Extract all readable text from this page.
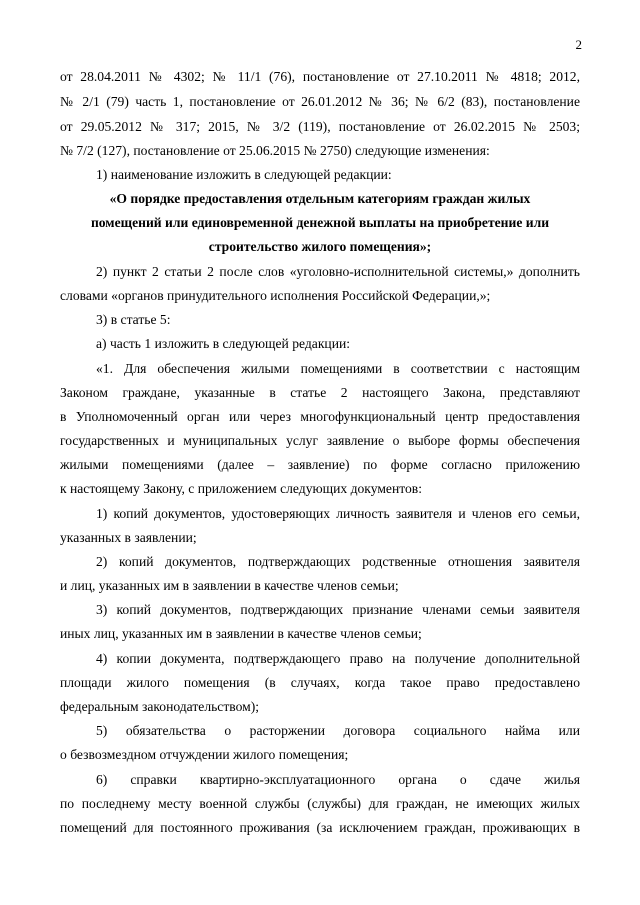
2
от 28.04.2011 № 4302; № 11/1 (76), постановление от 27.10.2011 № 4818; 2012,
№ 2/1 (79) часть 1, постановление от 26.01.2012 № 36; № 6/2 (83), постановление
от 29.05.2012 № 317; 2015, № 3/2 (119), постановление от 26.02.2015 № 2503;
№ 7/2 (127), постановление от 25.06.2015 № 2750) следующие изменения:
1) наименование изложить в следующей редакции:
«О порядке предоставления отдельным категориям граждан жилых
помещений или единовременной денежной выплаты на приобретение или
строительство жилого помещения»;
2) пункт 2 статьи 2 после слов «уголовно-исполнительной системы,» дополнить
словами «органов принудительного исполнения Российской Федерации,»;
3) в статье 5:
а) часть 1 изложить в следующей редакции:
«1. Для обеспечения жилыми помещениями в соответствии с настоящим
Законом граждане, указанные в статье 2 настоящего Закона, представляют
в Уполномоченный орган или через многофункциональный центр предоставления
государственных и муниципальных услуг заявление о выборе формы обеспечения
жилыми помещениями (далее – заявление) по форме согласно приложению
к настоящему Закону, с приложением следующих документов:
1) копий документов, удостоверяющих личность заявителя и членов его семьи,
указанных в заявлении;
2) копий документов, подтверждающих родственные отношения заявителя
и лиц, указанных им в заявлении в качестве членов семьи;
3) копий документов, подтверждающих признание членами семьи заявителя
иных лиц, указанных им в заявлении в качестве членов семьи;
4) копии документа, подтверждающего право на получение дополнительной
площади жилого помещения (в случаях, когда такое право предоставлено
федеральным законодательством);
5) обязательства о расторжении договора социального найма или
о безвозмездном отчуждении жилого помещения;
6) справки квартирно-эксплуатационного органа о сдаче жилья
по последнему месту военной службы (службы) для граждан, не имеющих жилых
помещений для постоянного проживания (за исключением граждан, проживающих в
